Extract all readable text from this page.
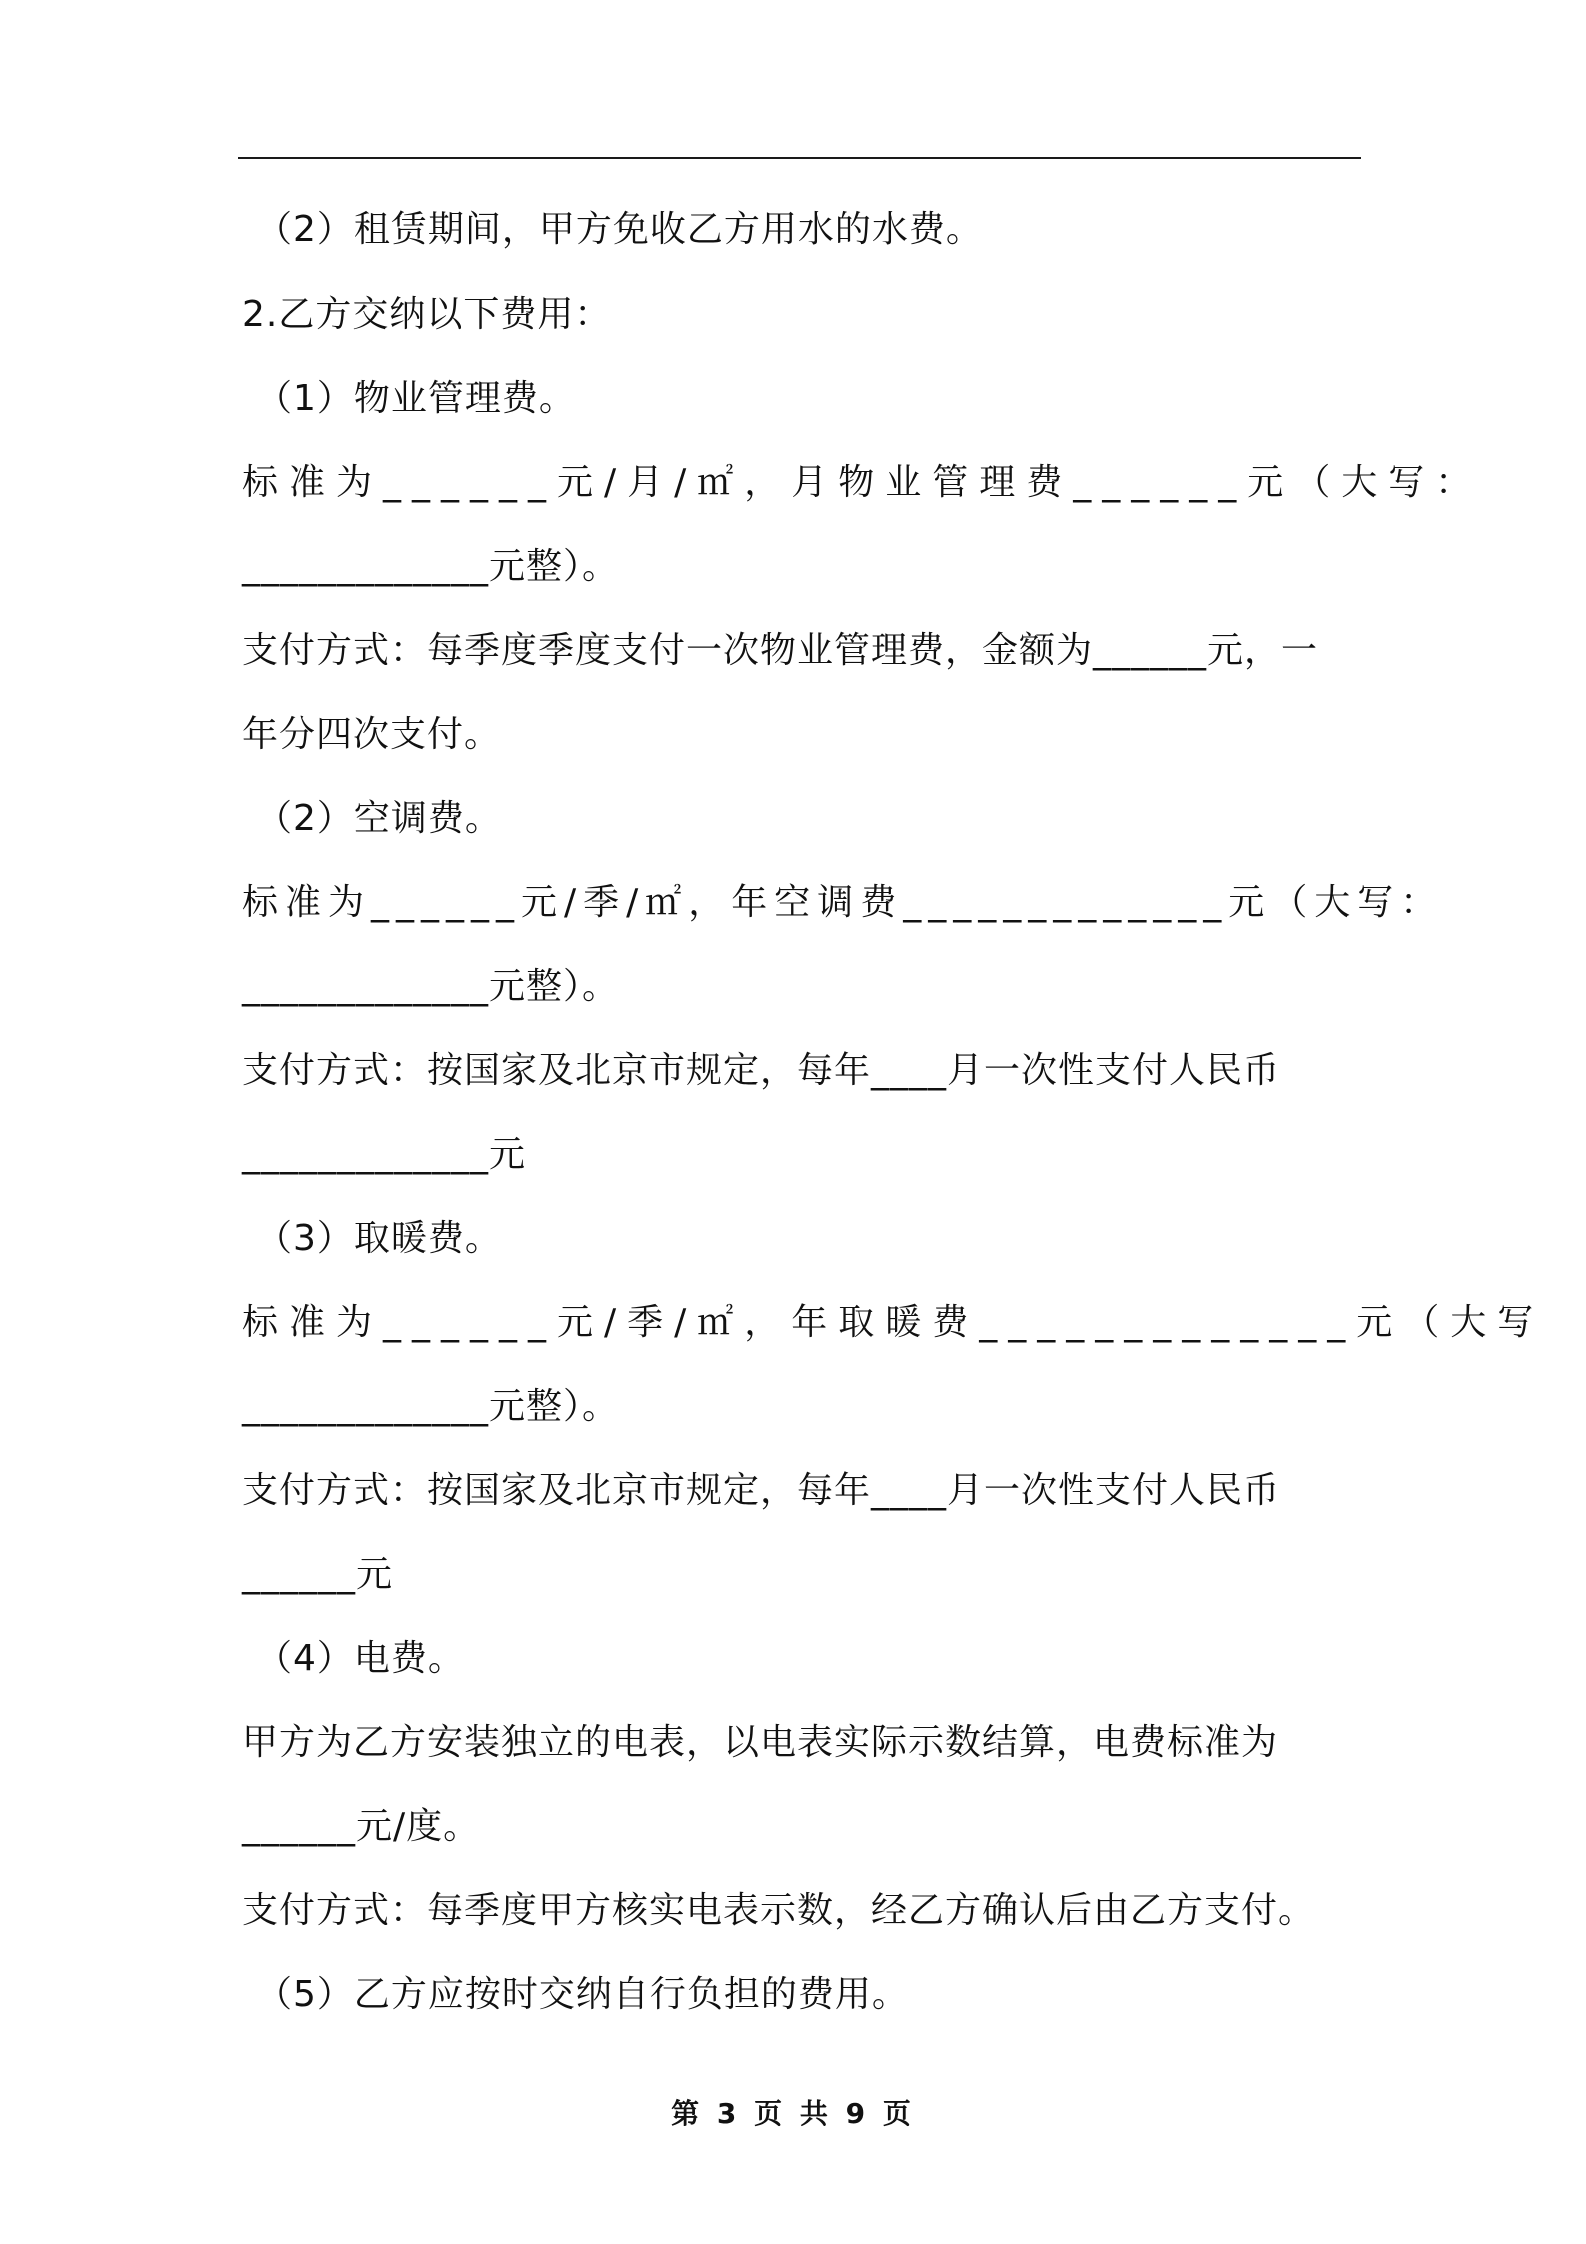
（2）租赁期间，甲方免收乙方用水的水费。
2.乙方交纳以下费用：
（1）物业管理费。
标准为______元/月/㎡，月物业管理费______元（大写：
_____________元整）。
支付方式：每季度季度支付一次物业管理费，金额为______元，一
年分四次支付。
（2）空调费。
标准为______元/季/㎡，年空调费_____________元（大写：
_____________元整）。
支付方式：按国家及北京市规定，每年____月一次性支付人民币
_____________元
（3）取暖费。
标准为______元/季/㎡，年取暖费_____________元（大写
_____________元整）。
支付方式：按国家及北京市规定，每年____月一次性支付人民币
______元
（4）电费。
甲方为乙方安装独立的电表，以电表实际示数结算，电费标准为
______元/度。
支付方式：每季度甲方核实电表示数，经乙方确认后由乙方支付。
（5）乙方应按时交纳自行负担的费用。
第 3 页 共 9 页
